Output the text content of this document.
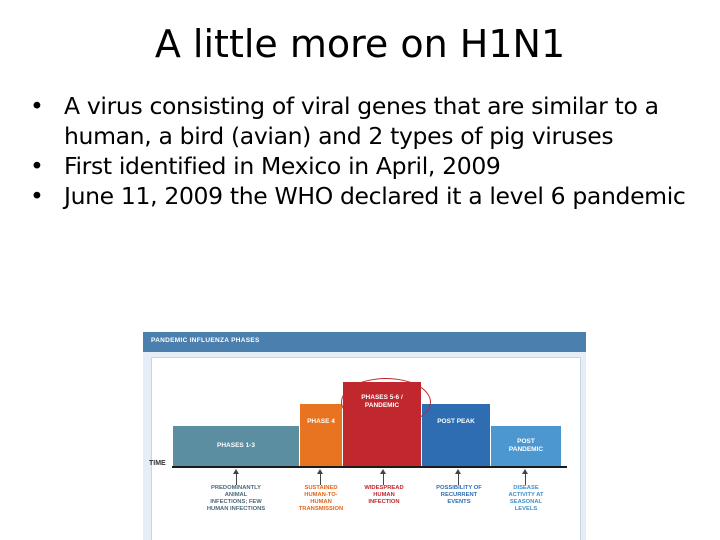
A little more on H1N1
• A virus consisting of viral genes that are similar to a human, a bird (avian) and 2 types of pig viruses
• First identified in Mexico in April, 2009
• June 11, 2009 the WHO declared it a level 6 pandemic
PANDEMIC INFLUENZA PHASES
TIME
PHASES 1-3
PHASE 4
PHASES 5-6 / PANDEMIC
POST PEAK
POST PANDEMIC
PREDOMINANTLY ANIMAL INFECTIONS; FEW HUMAN INFECTIONS
SUSTAINED HUMAN-TO-HUMAN TRANSMISSION
WIDESPREAD HUMAN INFECTION
POSSIBILITY OF RECURRENT EVENTS
DISEASE ACTIVITY AT SEASONAL LEVELS
